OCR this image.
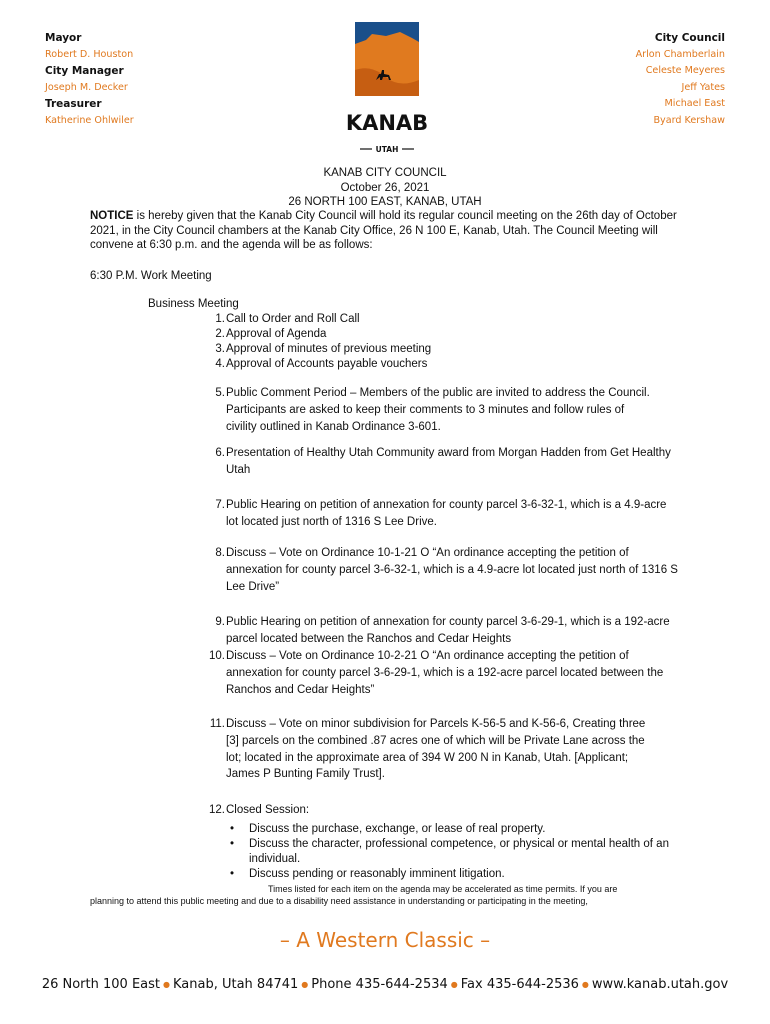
Mayor
Robert D. Houston
City Manager
Joseph M. Decker
Treasurer
Katherine Ohlwiler
City Council
Arlon Chamberlain
Celeste Meyeres
Jeff Yates
Michael East
Byard Kershaw
KANAB
UTAH
KANAB CITY COUNCIL
October 26, 2021
26 NORTH 100 EAST, KANAB, UTAH
NOTICE is hereby given that the Kanab City Council will hold its regular council meeting on the 26th day of October 2021, in the City Council chambers at the Kanab City Office, 26 N 100 E, Kanab, Utah. The Council Meeting will convene at 6:30 p.m. and the agenda will be as follows:
6:30 P.M. Work Meeting
Business Meeting
1. Call to Order and Roll Call
2. Approval of Agenda
3. Approval of minutes of previous meeting
4. Approval of Accounts payable vouchers
5. Public Comment Period – Members of the public are invited to address the Council. Participants are asked to keep their comments to 3 minutes and follow rules of civility outlined in Kanab Ordinance 3-601.
6. Presentation of Healthy Utah Community award from Morgan Hadden from Get Healthy Utah
7. Public Hearing on petition of annexation for county parcel 3-6-32-1, which is a 4.9-acre lot located just north of 1316 S Lee Drive.
8. Discuss – Vote on Ordinance 10-1-21 O “An ordinance accepting the petition of annexation for county parcel 3-6-32-1, which is a 4.9-acre lot located just north of 1316 S Lee Drive”
9. Public Hearing on petition of annexation for county parcel 3-6-29-1, which is a 192-acre parcel located between the Ranchos and Cedar Heights
10. Discuss – Vote on Ordinance 10-2-21 O “An ordinance accepting the petition of annexation for county parcel 3-6-29-1, which is a 192-acre parcel located between the Ranchos and Cedar Heights”
11. Discuss – Vote on minor subdivision for Parcels K-56-5 and K-56-6, Creating three [3] parcels on the combined .87 acres one of which will be Private Lane across the lot; located in the approximate area of 394 W 200 N in Kanab, Utah. [Applicant; James P Bunting Family Trust].
12. Closed Session:
• Discuss the purchase, exchange, or lease of real property.
• Discuss the character, professional competence, or physical or mental health of an individual.
• Discuss pending or reasonably imminent litigation.
Times listed for each item on the agenda may be accelerated as time permits. If you are
planning to attend this public meeting and due to a disability need assistance in understanding or participating in the meeting,
– A Western Classic –
26 North 100 East ● Kanab, Utah 84741 ● Phone 435-644-2534 ● Fax 435-644-2536 ● www.kanab.utah.gov
